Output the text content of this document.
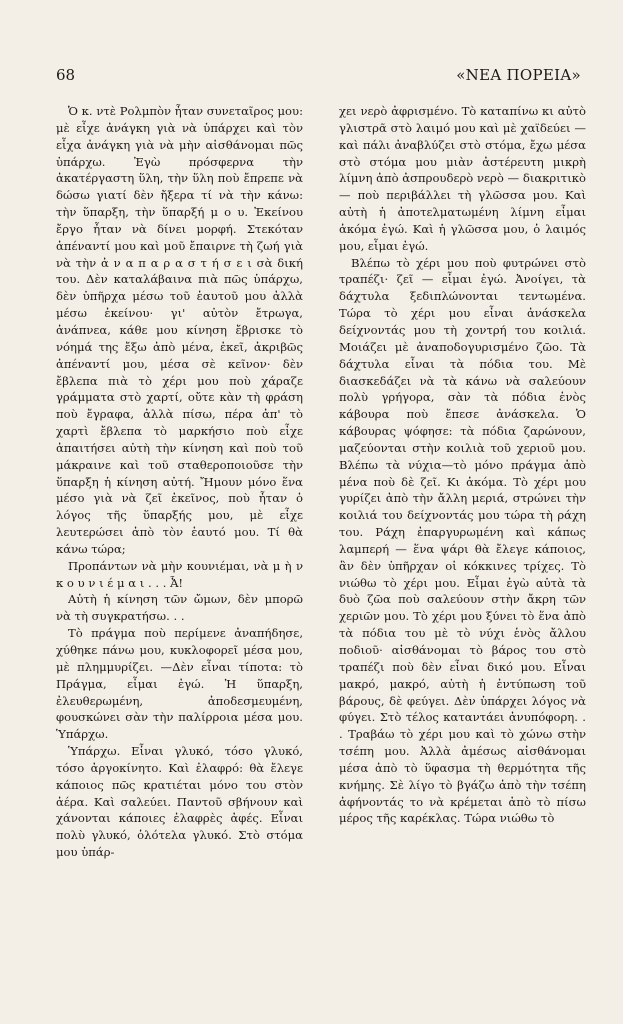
68	«ΝΕΑ ΠΟΡΕΙΑ»

Ὁ κ. ντὲ Ρολμπὸν ἦταν συνεταῖρος μου: μὲ εἶχε ἀνάγκη γιὰ νὰ ὑπάρχει καὶ τὸν εἶχα ἀνάγκη γιὰ νὰ μὴν αἰσθάνομαι πῶς ὑπάρχω. Ἐγὼ πρόσφερνα τὴν ἀκατέργαστη ὕλη, τὴν ὕλη ποὺ ἔπρεπε νὰ δώσω γιατί δὲν ἤξερα τί νὰ τὴν κάνω: τὴν ὕπαρξη, τὴν ὕπαρξή μ ο υ. Ἐκείνου ἔργο ἦταν νὰ δίνει μορφή. Στεκόταν ἀπέναντί μου καὶ μοῦ ἔπαιρνε τὴ ζωή γιὰ νὰ τὴν ἀ ν α π α ρ α σ τ ή σ ε ι σὰ δική του. Δὲν καταλάβαινα πιὰ πῶς ὑπάρχω, δὲν ὑπῆρχα μέσω τοῦ ἑαυτοῦ μου ἀλλὰ μέσω ἐκείνου· γι' αὐτὸν ἔτρωγα, ἀνάπνεα, κάθε μου κίνηση ἔβρισκε τὸ νόημά της ἔξω ἀπὸ μένα, ἐκεῖ, ἀκριβῶς ἀπέναντί μου, μέσα σὲ κεῖνον· δὲν ἔβλεπα πιὰ τὸ χέρι μου ποὺ χάραζε γράμματα στὸ χαρτί, οὔτε κὰν τὴ φράση ποὺ ἔγραφα, ἀλλὰ πίσω, πέρα ἀπ' τὸ χαρτὶ ἔβλεπα τὸ μαρκήσιο ποὺ εἶχε ἀπαιτήσει αὐτὴ τὴν κίνηση καὶ ποὺ τοῦ μάκραινε καὶ τοῦ σταθεροποιοῦσε τὴν ὕπαρξη ἡ κίνηση αὐτή. Ἤμουν μόνο ἕνα μέσο γιὰ νὰ ζεῖ ἐκεῖνος, ποὺ ἦταν ὁ λόγος τῆς ὕπαρξής μου, μὲ εἶχε λευτερώσει ἀπὸ τὸν ἑαυτό μου. Τί θὰ κάνω τώρα;

Προπάντων νὰ μὴν κουνιέμαι, νὰ μ ὴ ν κ ο υ ν ι έ μ α ι . . . Ἆ!

Αὐτὴ ἡ κίνηση τῶν ὤμων, δὲν μπορῶ νὰ τὴ συγκρατήσω. . .

Τὸ πράγμα ποὺ περίμενε ἀναπήδησε, χύθηκε πάνω μου, κυκλοφορεῖ μέσα μου, μὲ πλημμυρίζει. —Δὲν εἶναι τίποτα: τὸ Πράγμα, εἶμαι ἐγώ. Ἡ ὕπαρξη, ἐλευθερωμένη, ἀποδεσμευμένη, φουσκώνει σὰν τὴν παλίρροια μέσα μου. Ὑπάρχω.

Ὑπάρχω. Εἶναι γλυκό, τόσο γλυκό, τόσο ἀργοκίνητο. Καὶ ἐλαφρό: θὰ ἔλεγε κάποιος πῶς κρατιέται μόνο του στὸν ἀέρα. Καὶ σαλεύει. Παντοῦ σβήνουν καὶ χάνονται κάποιες ἐλαφρὲς ἀφές. Εἶναι πολὺ γλυκό, ὁλότελα γλυκό. Στὸ στόμα μου ὑπάρ-

χει νερὸ ἀφρισμένο. Τὸ καταπίνω κι αὐτὸ γλιστρᾶ στὸ λαιμό μου καὶ μὲ χαϊδεύει — καὶ πάλι ἀναβλύζει στὸ στόμα, ἔχω μέσα στὸ στόμα μου μιὰν ἀστέρευτη μικρὴ λίμνη ἀπὸ ἀσπρουδερὸ νερὸ — διακριτικὸ — ποὺ περιβάλλει τὴ γλῶσσα μου. Καὶ αὐτὴ ἡ ἀποτελματωμένη λίμνη εἶμαι ἀκόμα ἐγώ. Καὶ ἡ γλῶσσα μου, ὁ λαιμός μου, εἶμαι ἐγώ.

Βλέπω τὸ χέρι μου ποὺ φυτρώνει στὸ τραπέζι· ζεῖ — εἶμαι ἐγώ. Ἀνοίγει, τὰ δάχτυλα ξεδιπλώνονται τεντωμένα. Τώρα τὸ χέρι μου εἶναι ἀνάσκελα δείχνοντάς μου τὴ χοντρή του κοιλιά. Μοιάζει μὲ ἀναποδογυρισμένο ζῶο. Τὰ δάχτυλα εἶναι τὰ πόδια του. Μὲ διασκεδάζει νὰ τὰ κάνω νὰ σαλεύουν πολὺ γρήγορα, σὰν τὰ πόδια ἑνὸς κάβουρα ποὺ ἔπεσε ἀνάσκελα. Ὁ κάβουρας ψόφησε: τὰ πόδια ζαρώνουν, μαζεύονται στὴν κοιλιὰ τοῦ χεριοῦ μου. Βλέπω τὰ νύχια—τὸ μόνο πράγμα ἀπὸ μένα ποὺ δὲ ζεῖ. Κι ἀκόμα. Τὸ χέρι μου γυρίζει ἀπὸ τὴν ἄλλη μεριά, στρώνει τὴν κοιλιά του δείχνοντάς μου τώρα τὴ ράχη του. Ράχη ἐπαργυρωμένη καὶ κάπως λαμπερή — ἕνα ψάρι θὰ ἔλεγε κάποιος, ἂν δὲν ὑπῆρχαν οἱ κόκκινες τρίχες. Τὸ νιώθω τὸ χέρι μου. Εἶμαι ἐγὼ αὐτὰ τὰ δυὸ ζῶα ποὺ σαλεύουν στὴν ἄκρη τῶν χεριῶν μου. Τὸ χέρι μου ξύνει τὸ ἕνα ἀπὸ τὰ πόδια του μὲ τὸ νύχι ἑνὸς ἄλλου ποδιοῦ· αἰσθάνομαι τὸ βάρος του στὸ τραπέζι ποὺ δὲν εἶναι δικό μου. Εἶναι μακρό, μακρό, αὐτὴ ἡ ἐντύπωση τοῦ βάρους, δὲ φεύγει. Δὲν ὑπάρχει λόγος νὰ φύγει. Στὸ τέλος καταντάει ἀνυπόφορη. . . Τραβάω τὸ χέρι μου καὶ τὸ χώνω στὴν τσέπη μου. Ἀλλὰ ἀμέσως αἰσθάνομαι μέσα ἀπὸ τὸ ὕφασμα τὴ θερμότητα τῆς κνήμης. Σὲ λίγο τὸ βγάζω ἀπὸ τὴν τσέπη ἀφήνοντάς το νὰ κρέμεται ἀπὸ τὸ πίσω μέρος τῆς καρέκλας. Τώρα νιώθω τὸ
